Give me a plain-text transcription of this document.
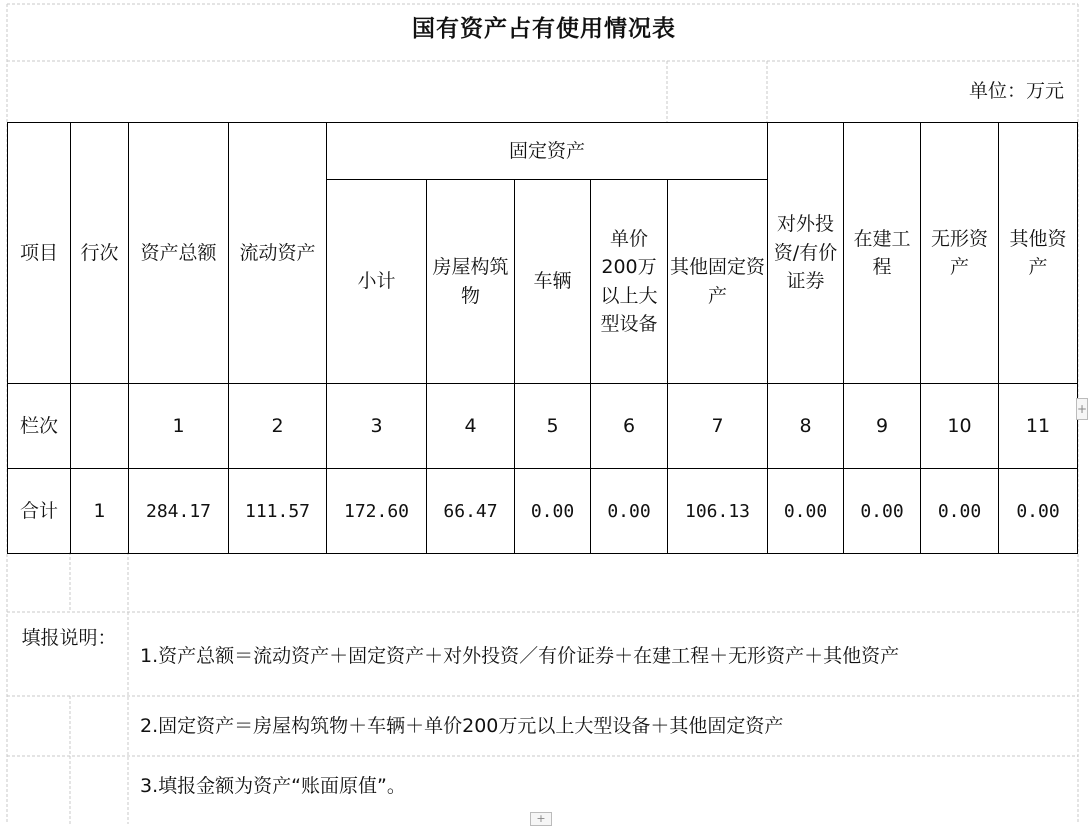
国有资产占有使用情况表
单位：万元
项目	行次	资产总额	流动资产	固定资产					对外投资/有价证券	在建工程	无形资产	其他资产
				小计	房屋构筑物	车辆	单价200万以上大型设备	其他固定资产				
栏次		1	2	3	4	5	6	7	8	9	10	11
合计	1	284.17	111.57	172.60	66.47	0.00	0.00	106.13	0.00	0.00	0.00	0.00
填报说明：
1.资产总额＝流动资产＋固定资产＋对外投资／有价证券＋在建工程＋无形资产＋其他资产
2.固定资产＝房屋构筑物＋车辆＋单价200万元以上大型设备＋其他固定资产
3.填报金额为资产“账面原值”。
+
+
